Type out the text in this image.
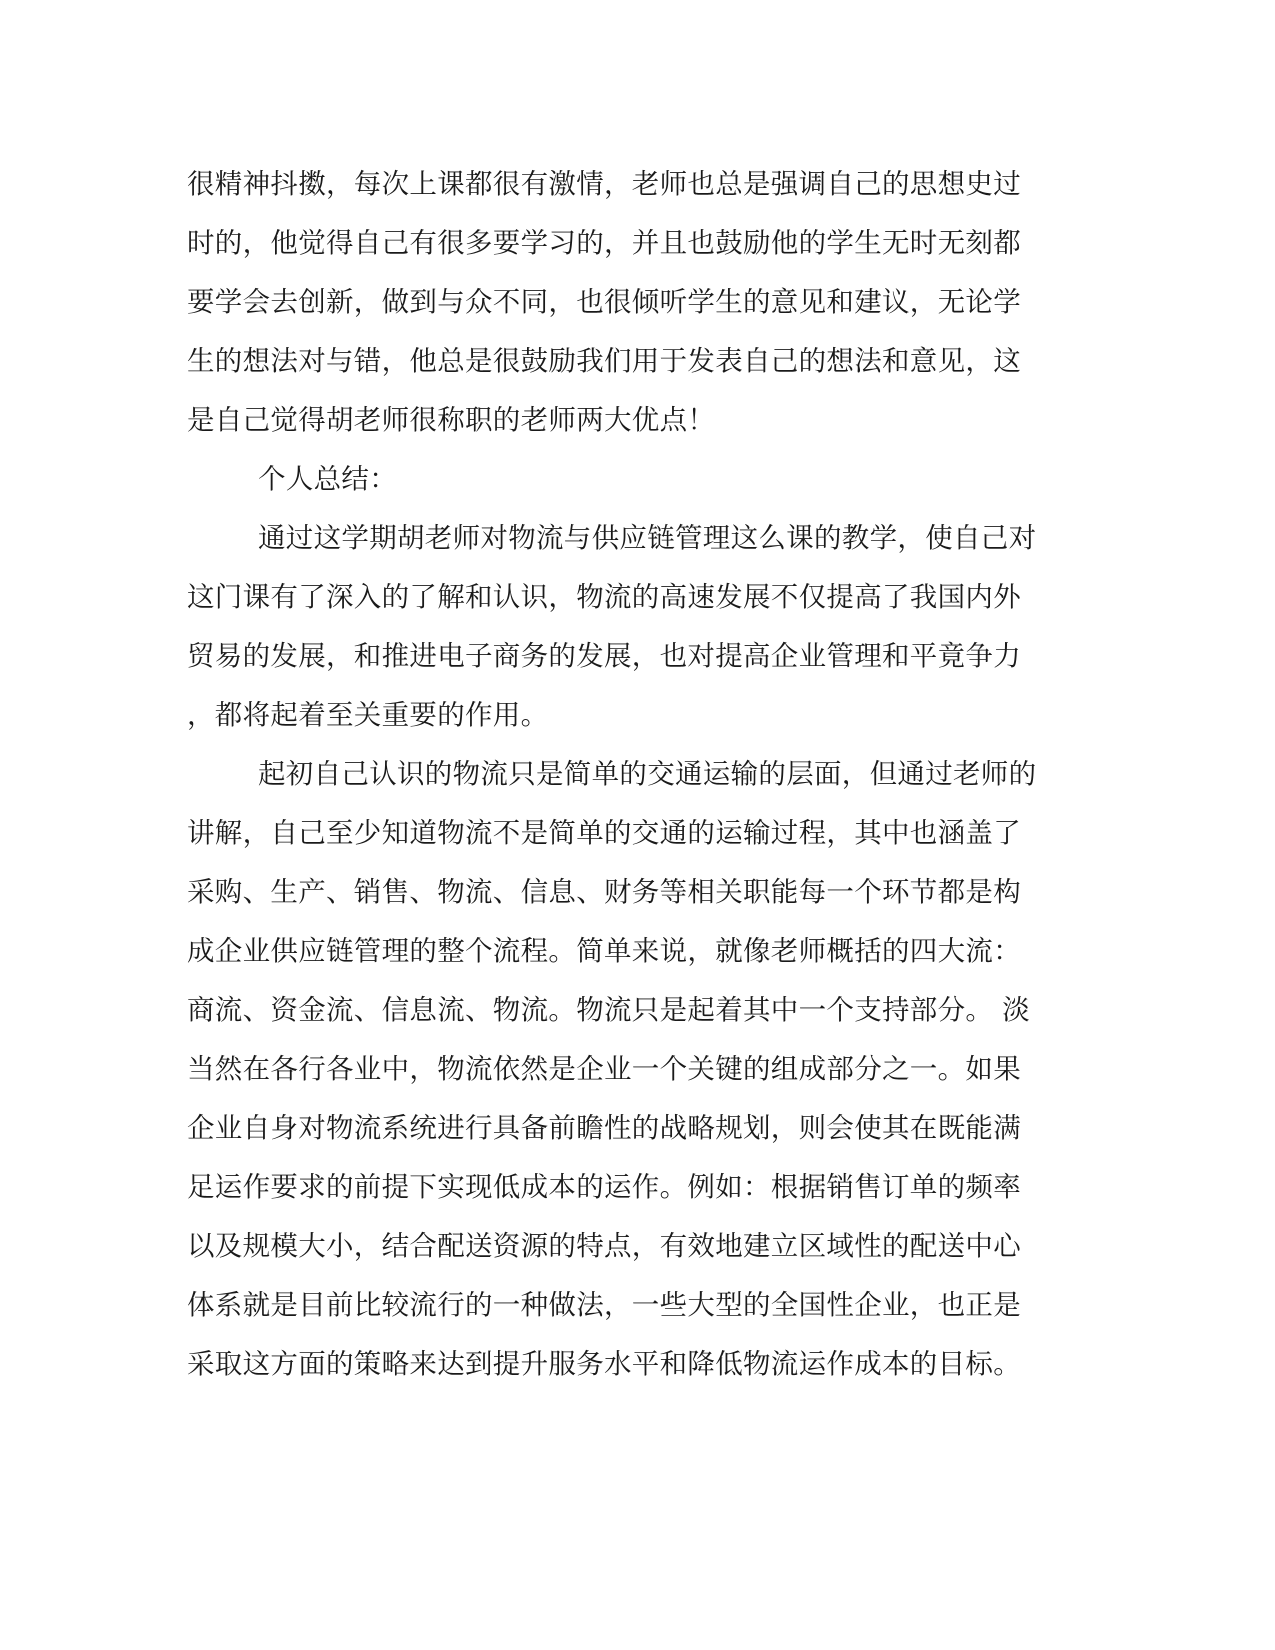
很精神抖擞，每次上课都很有激情，老师也总是强调自己的思想史过

时的，他觉得自己有很多要学习的，并且也鼓励他的学生无时无刻都

要学会去创新，做到与众不同，也很倾听学生的意见和建议，无论学

生的想法对与错，他总是很鼓励我们用于发表自己的想法和意见，这

是自己觉得胡老师很称职的老师两大优点！

个人总结：

通过这学期胡老师对物流与供应链管理这么课的教学，使自己对

这门课有了深入的了解和认识，物流的高速发展不仅提高了我国内外

贸易的发展，和推进电子商务的发展，也对提高企业管理和平竟争力

，都将起着至关重要的作用。

起初自己认识的物流只是简单的交通运输的层面，但通过老师的

讲解，自己至少知道物流不是简单的交通的运输过程，其中也涵盖了

采购、生产、销售、物流、信息、财务等相关职能每一个环节都是构

成企业供应链管理的整个流程。简单来说，就像老师概括的四大流：

商流、资金流、信息流、物流。物流只是起着其中一个支持部分。 淡

当然在各行各业中，物流依然是企业一个关键的组成部分之一。如果

企业自身对物流系统进行具备前瞻性的战略规划，则会使其在既能满

足运作要求的前提下实现低成本的运作。例如：根据销售订单的频率

以及规模大小，结合配送资源的特点，有效地建立区域性的配送中心

体系就是目前比较流行的一种做法，一些大型的全国性企业，也正是

采取这方面的策略来达到提升服务水平和降低物流运作成本的目标。
